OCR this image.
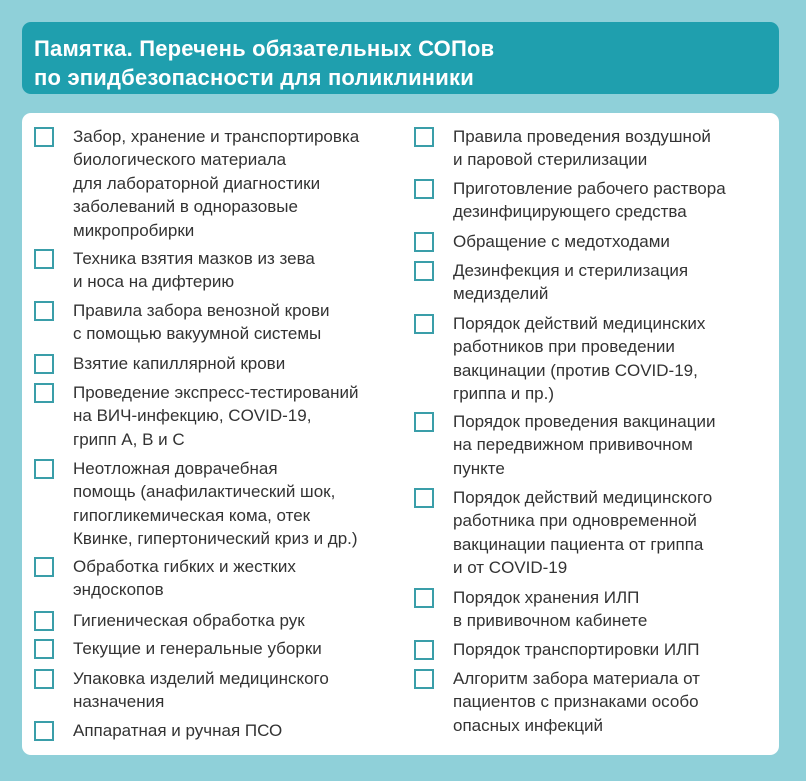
Памятка. Перечень обязательных СОПов
по эпидбезопасности для поликлиники
Забор, хранение и транспортировка
биологического материала
для лабораторной диагностики
заболеваний в одноразовые
микропробирки
Техника взятия мазков из зева
и носа на дифтерию
Правила забора венозной крови
с помощью вакуумной системы
Взятие капиллярной крови
Проведение экспресс-тестирований
на ВИЧ-инфекцию, COVID-19,
грипп А, В и С
Неотложная доврачебная
помощь (анафилактический шок,
гипогликемическая кома, отек
Квинке, гипертонический криз и др.)
Обработка гибких и жестких
эндоскопов
Гигиеническая обработка рук
Текущие и генеральные уборки
Упаковка изделий медицинского
назначения
Аппаратная и ручная ПСО
Правила проведения воздушной
и паровой стерилизации
Приготовление рабочего раствора
дезинфицирующего средства
Обращение с медотходами
Дезинфекция и стерилизация
медизделий
Порядок действий медицинских
работников при проведении
вакцинации (против COVID-19,
гриппа и пр.)
Порядок проведения вакцинации
на передвижном прививочном
пункте
Порядок действий медицинского
работника при одновременной
вакцинации пациента от гриппа
и от COVID-19
Порядок хранения ИЛП
в прививочном кабинете
Порядок транспортировки ИЛП
Алгоритм забора материала от
пациентов с признаками особо
опасных инфекций
